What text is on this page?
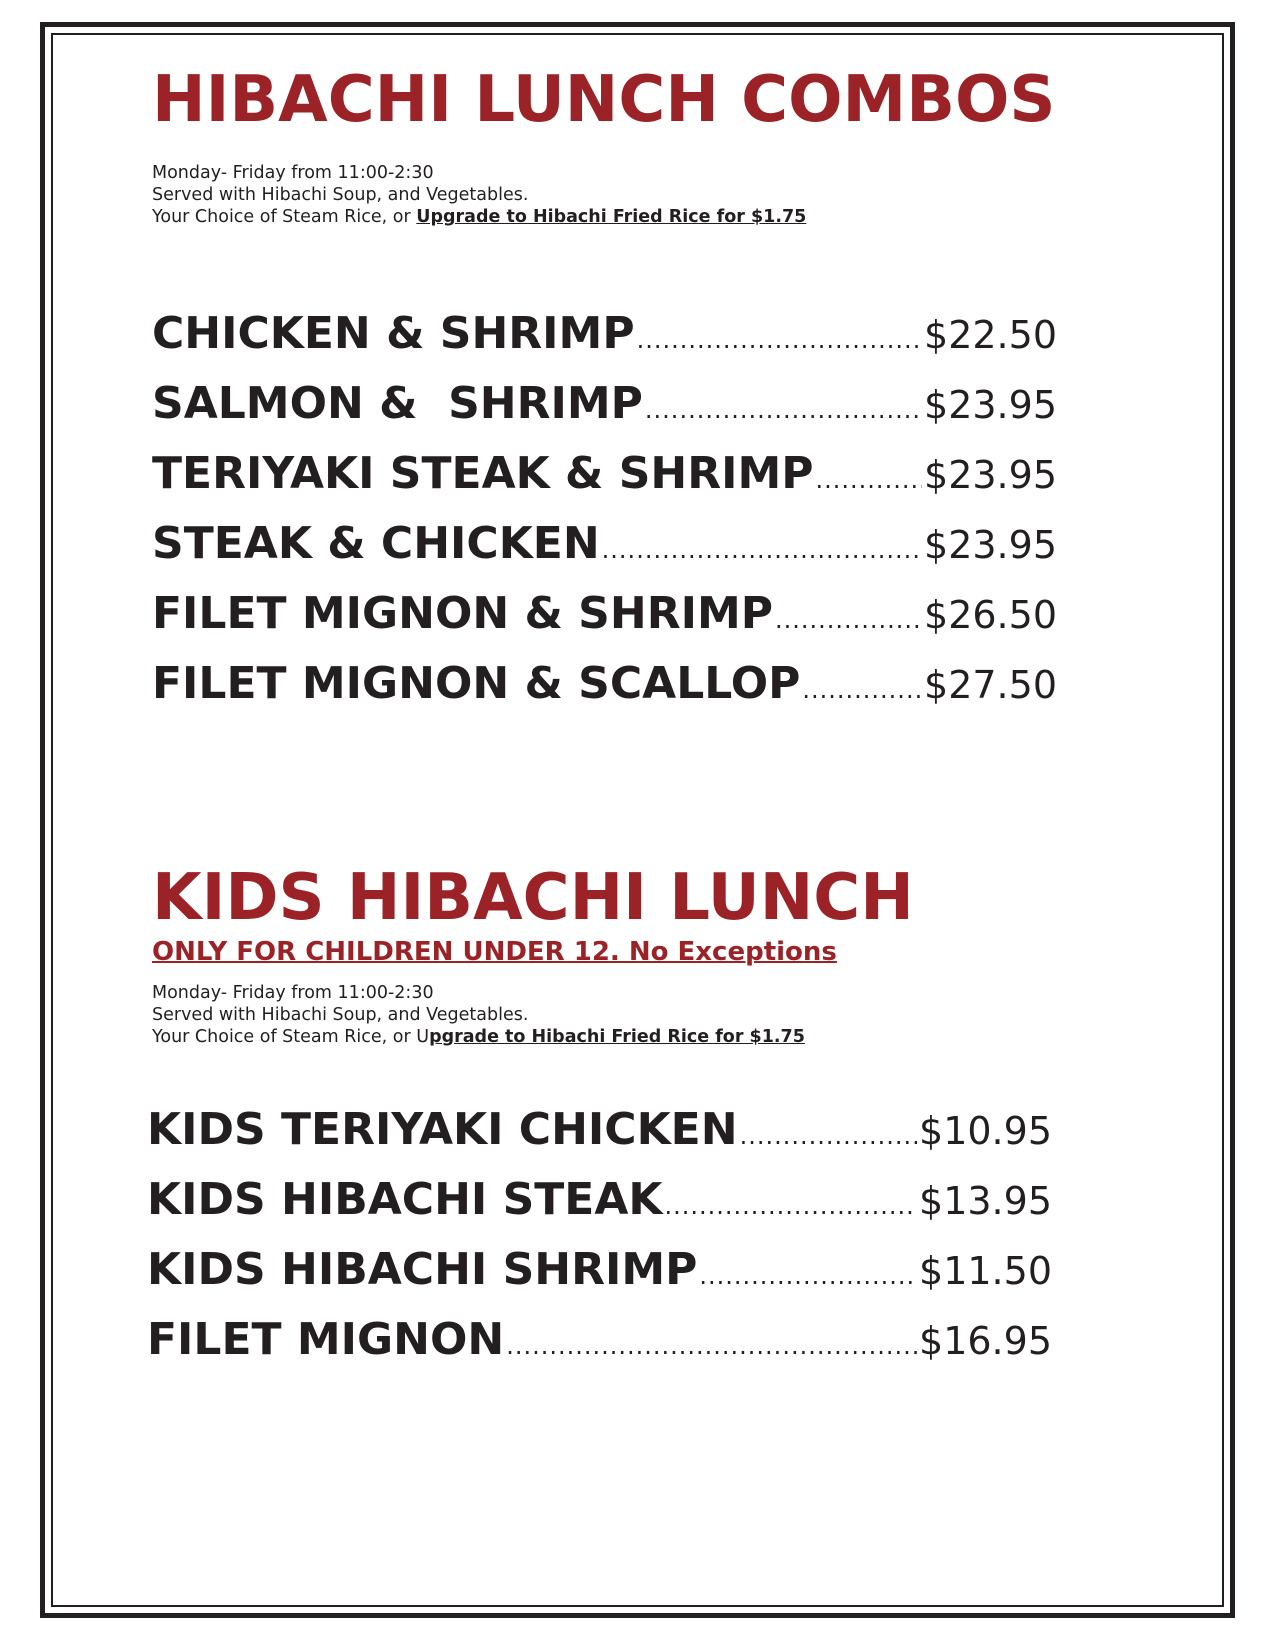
HIBACHI LUNCH COMBOS
Monday- Friday from 11:00-2:30
Served with Hibachi Soup, and Vegetables.
Your Choice of Steam Rice, or Upgrade to Hibachi Fried Rice for $1.75
CHICKEN & SHRIMP .....	$22.50
SALMON &  SHRIMP .....	$23.95
TERIYAKI STEAK & SHRIMP .....	$23.95
STEAK & CHICKEN .....	$23.95
FILET MIGNON & SHRIMP .....	$26.50
FILET MIGNON & SCALLOP .....	$27.50
KIDS HIBACHI LUNCH
ONLY FOR CHILDREN UNDER 12. No Exceptions
Monday- Friday from 11:00-2:30
Served with Hibachi Soup, and Vegetables.
Your Choice of Steam Rice, or Upgrade to Hibachi Fried Rice for $1.75
KIDS TERIYAKI CHICKEN .....	$10.95
KIDS HIBACHI STEAK .....	$13.95
KIDS HIBACHI SHRIMP .....	$11.50
FILET MIGNON .....	$16.95
